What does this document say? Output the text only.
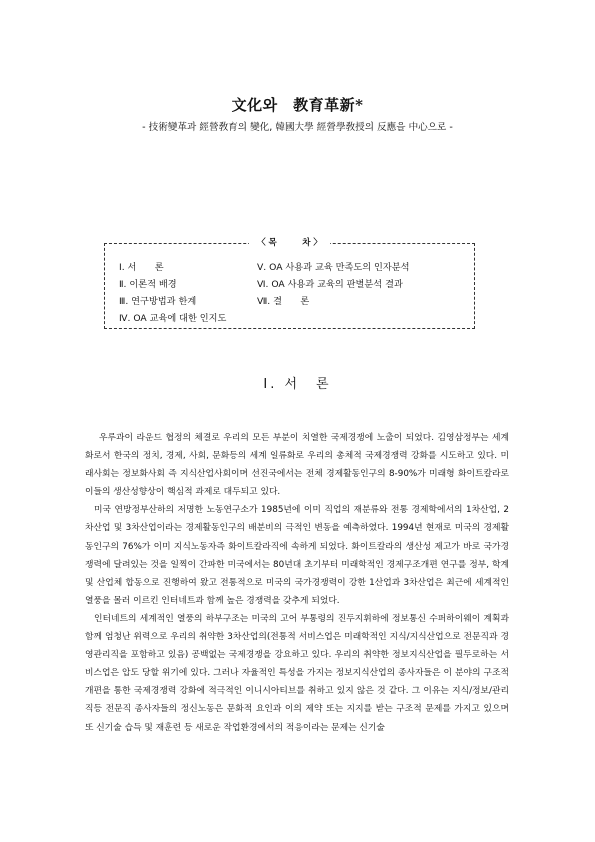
文化와　教育革新*
- 技術變革과 經營敎育의 變化, 韓國大學 經營學敎授의 反應을 中心으로 -
〈 목　　　차 〉
Ⅰ. 서　　론
Ⅱ. 이론적 배경
Ⅲ. 연구방법과 한계
Ⅳ. OA 교육에 대한 인지도
Ⅴ. OA 사용과 교육 만족도의 인자분석
Ⅵ. OA 사용과 교육의 판별분석 결과
Ⅶ. 결　　론
Ⅰ. 서　론

우루과이 라운드 협정의 체결로 우리의 모든 부분이 치열한 국제경쟁에 노출이 되었다. 김영삼정부는 세계화로서 한국의 정치, 경제, 사회, 문화등의 세계 일류화로 우리의 총체적 국제경쟁력 강화를 시도하고 있다. 미래사회는 정보화사회 즉 지식산업사회이며 선진국에서는 전체 경제활동인구의 8-90%가 미래형 화이트칼라로 이들의 생산성향상이 핵심적 과제로 대두되고 있다.

미국 연방정부산하의 저명한 노동연구소가 1985년에 이미 직업의 재분류와 전통 경제학에서의 1차산업, 2차산업 및 3차산업이라는 경제활동인구의 배분비의 극적인 변동을 예측하였다. 1994년 현재로 미국의 경제활동인구의 76%가 이미 지식노동자즉 화이트칼라직에 속하게 되었다. 화이트칼라의 생산성 제고가 바로 국가경쟁력에 달려있는 것을 일찍이 간파한 미국에서는 80년대 초기부터 미래학적인 경제구조개편 연구를 정부, 학계 및 산업체 합동으로 진행하여 왔고 전통적으로 미국의 국가경쟁력이 강한 1산업과 3차산업은 최근에 세계적인 열풍을 몰러 이르킨 인터네트과 함께 높은 경쟁력을 갖추게 되었다.

인터네트의 세계적인 열풍의 하부구조는 미국의 고어 부통령의 진두지휘하에 정보통신 수퍼하이웨이 계획과 함께 엄청난 위력으로 우리의 취약한 3차산업의(전통적 서비스업은 미래학적인 지식/지식산업으로 전문직과 경영관리직을 포함하고 있음) 공백없는 국제경쟁을 강요하고 있다. 우리의 취약한 정보지식산업을 필두로하는 서비스업은 압도 당할 위기에 있다. 그러나 자율적인 특성을 가지는 정보지식산업의 종사자들은 이 분야의 구조적 개편을 통한 국제경쟁력 강화에 적극적인 이니시아티브를 취하고 있지 않은 것 같다. 그 이유는 지식/정보/관리직등 전문직 종사자들의 정신노동은 문화적 요인과 이의 제약 또는 지지를 받는 구조적 문제를 가지고 있으며 또 신기술 습득 및 재훈련 등 새로운 작업환경에서의 적응이라는 문제는 신기술
